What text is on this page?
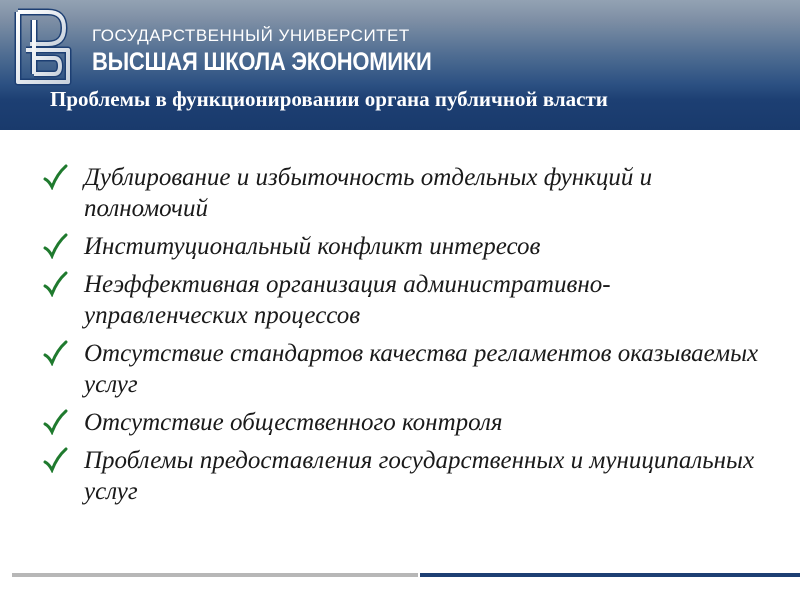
ГОСУДАРСТВЕННЫЙ УНИВЕРСИТЕТ
ВЫСШАЯ ШКОЛА ЭКОНОМИКИ
Проблемы в функционировании органа публичной власти
Дублирование и избыточность отдельных функций и полномочий
Институциональный конфликт интересов
Неэффективная организация административно-управленческих процессов
Отсутствие стандартов качества регламентов оказываемых услуг
Отсутствие общественного контроля
Проблемы предоставления государственных и муниципальных услуг
